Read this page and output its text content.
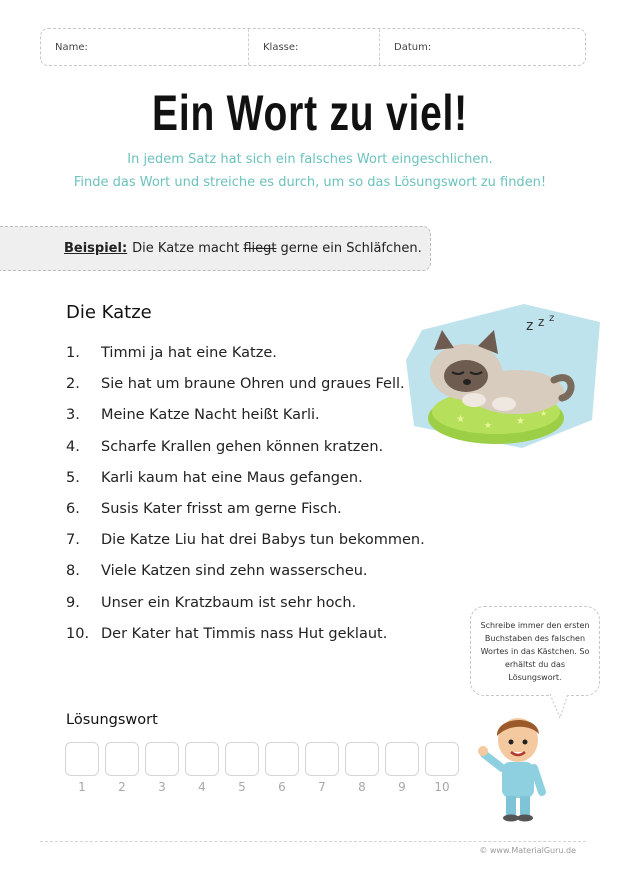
Name:	Klasse:	Datum:
Ein Wort zu viel!
In jedem Satz hat sich ein falsches Wort eingeschlichen.
Finde das Wort und streiche es durch, um so das Lösungswort zu finden!
Beispiel: Die Katze macht fliegt gerne ein Schläfchen.
Die Katze
1.	Timmi ja hat eine Katze.
2.	Sie hat um braune Ohren und graues Fell.
3.	Meine Katze Nacht heißt Karli.
4.	Scharfe Krallen gehen können kratzen.
5.	Karli kaum hat eine Maus gefangen.
6.	Susis Kater frisst am gerne Fisch.
7.	Die Katze Liu hat drei Babys tun bekommen.
8.	Viele Katzen sind zehn wasserscheu.
9.	Unser ein Kratzbaum ist sehr hoch.
10. Der Kater hat Timmis nass Hut geklaut.
z z z
★
★ ★
★
Schreibe immer den ersten Buchstaben des falschen Wortes in das Kästchen. So erhältst du das Lösungswort.
Lösungswort
1	2	3	4	5	6	7	8	9 10
© www.MaterialGuru.de
